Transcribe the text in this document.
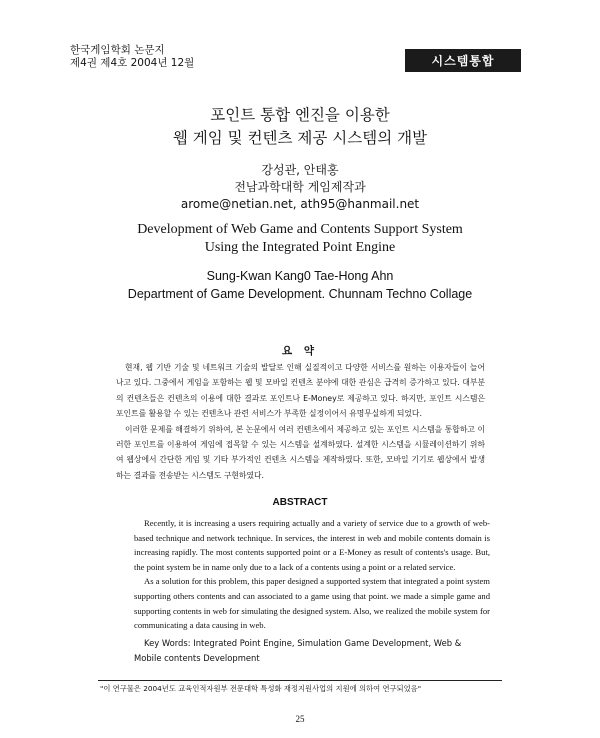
한국게임학회 논문지
제4권 제4호 2004년 12월	시스템통합
포인트 통합 엔진을 이용한
웹 게임 및 컨텐츠 제공 시스템의 개발
강성관, 안태홍
전남과학대학 게임제작과
arome@netian.net, ath95@hanmail.net
Development of Web Game and Contents Support System
Using the Integrated Point Engine
Sung-Kwan Kang0 Tae-Hong Ahn
Department of Game Development. Chunnam Techno Collage
요 약

현재, 웹 기반 기술 및 네트워크 기술의 발달로 인해 실질적이고 다양한 서비스를 원하는 이용자들이 늘어나고 있다. 그중에서 게임을 포함하는 웹 및 모바일 컨텐츠 분야에 대한 관심은 급격히 증가하고 있다. 대부분의 컨텐츠들은 컨텐츠의 이용에 대한 결과로 포인트나 E-Money로 제공하고 있다. 하지만, 포인트 시스템은 포인트를 활용할 수 있는 컨텐츠나 관련 서비스가 부족한 실정이어서 유명무실하게 되었다.

이러한 문제를 해결하기 위하여, 본 논문에서 여러 컨텐츠에서 제공하고 있는 포인트 시스템을 통합하고 이러한 포인트를 이용하여 게임에 접목할 수 있는 시스템을 설계하였다. 설계한 시스템을 시뮬레이션하기 위하여 웹상에서 간단한 게임 및 기타 부가적인 컨텐츠 시스템을 제작하였다. 또한, 모바일 기기로 웹상에서 발생하는 결과를 전송받는 시스템도 구현하였다.

ABSTRACT

Recently, it is increasing a users requiring actually and a variety of service due to a growth of web-based technique and network technique. In services, the interest in web and mobile contents domain is increasing rapidly. The most contents supported point or a E-Money as result of contents's usage. But, the point system be in name only due to a lack of a contents using a point or a related service.

As a solution for this problem, this paper designed a supported system that integrated a point system supporting others contents and can associated to a game using that point. we made a simple game and supporting contents in web for simulating the designed system. Also, we realized the mobile system for communicating a data causing in web.

Key Words: Integrated Point Engine, Simulation Game Development, Web & Mobile contents Development
"이 연구물은 2004년도 교육인적자원부 전문대학 특성화 재정지원사업의 지원에 의하여 연구되었음"
25
